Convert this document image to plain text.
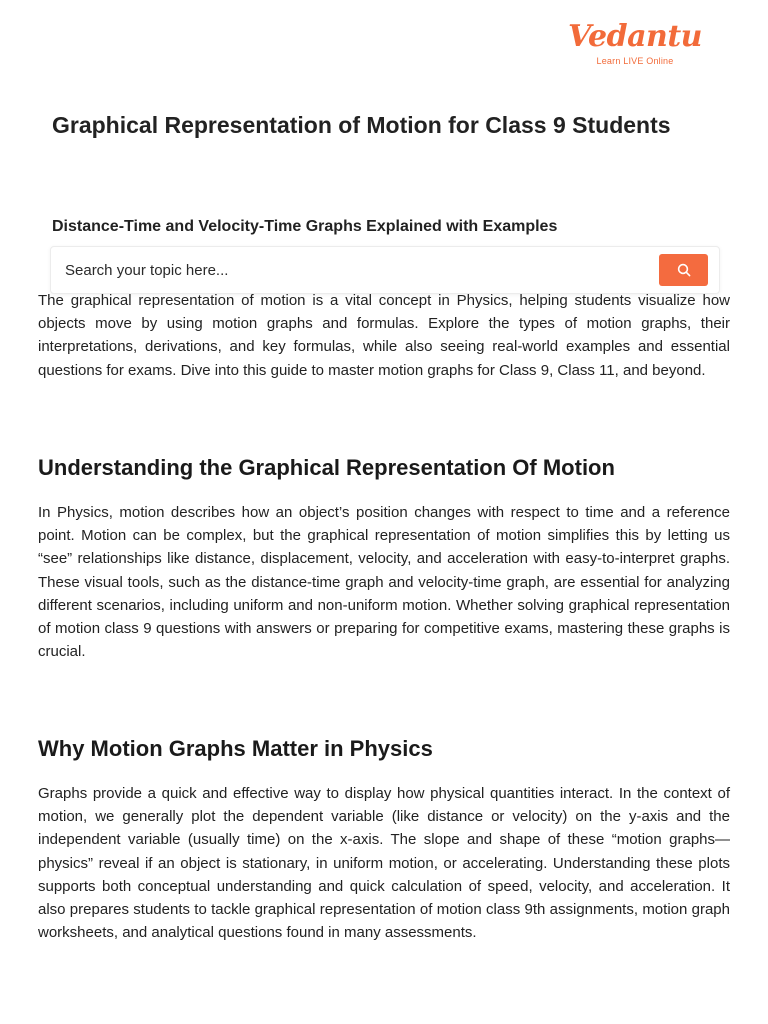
Vedantu
Learn LIVE Online
Graphical Representation of Motion for Class 9 Students
Distance-Time and Velocity-Time Graphs Explained with Examples
Search your topic here...

The graphical representation of motion is a vital concept in Physics, helping students visualize how objects move by using motion graphs and formulas. Explore the types of motion graphs, their interpretations, derivations, and key formulas, while also seeing real-world examples and essential questions for exams. Dive into this guide to master motion graphs for Class 9, Class 11, and beyond.

Understanding the Graphical Representation Of Motion

In Physics, motion describes how an object’s position changes with respect to time and a reference point. Motion can be complex, but the graphical representation of motion simplifies this by letting us “see” relationships like distance, displacement, velocity, and acceleration with easy-to-interpret graphs. These visual tools, such as the distance-time graph and velocity-time graph, are essential for analyzing different scenarios, including uniform and non-uniform motion. Whether solving graphical representation of motion class 9 questions with answers or preparing for competitive exams, mastering these graphs is crucial.

Why Motion Graphs Matter in Physics

Graphs provide a quick and effective way to display how physical quantities interact. In the context of motion, we generally plot the dependent variable (like distance or velocity) on the y-axis and the independent variable (usually time) on the x-axis. The slope and shape of these “motion graphs—physics” reveal if an object is stationary, in uniform motion, or accelerating. Understanding these plots supports both conceptual understanding and quick calculation of speed, velocity, and acceleration. It also prepares students to tackle graphical representation of motion class 9th assignments, motion graph worksheets, and analytical questions found in many assessments.
